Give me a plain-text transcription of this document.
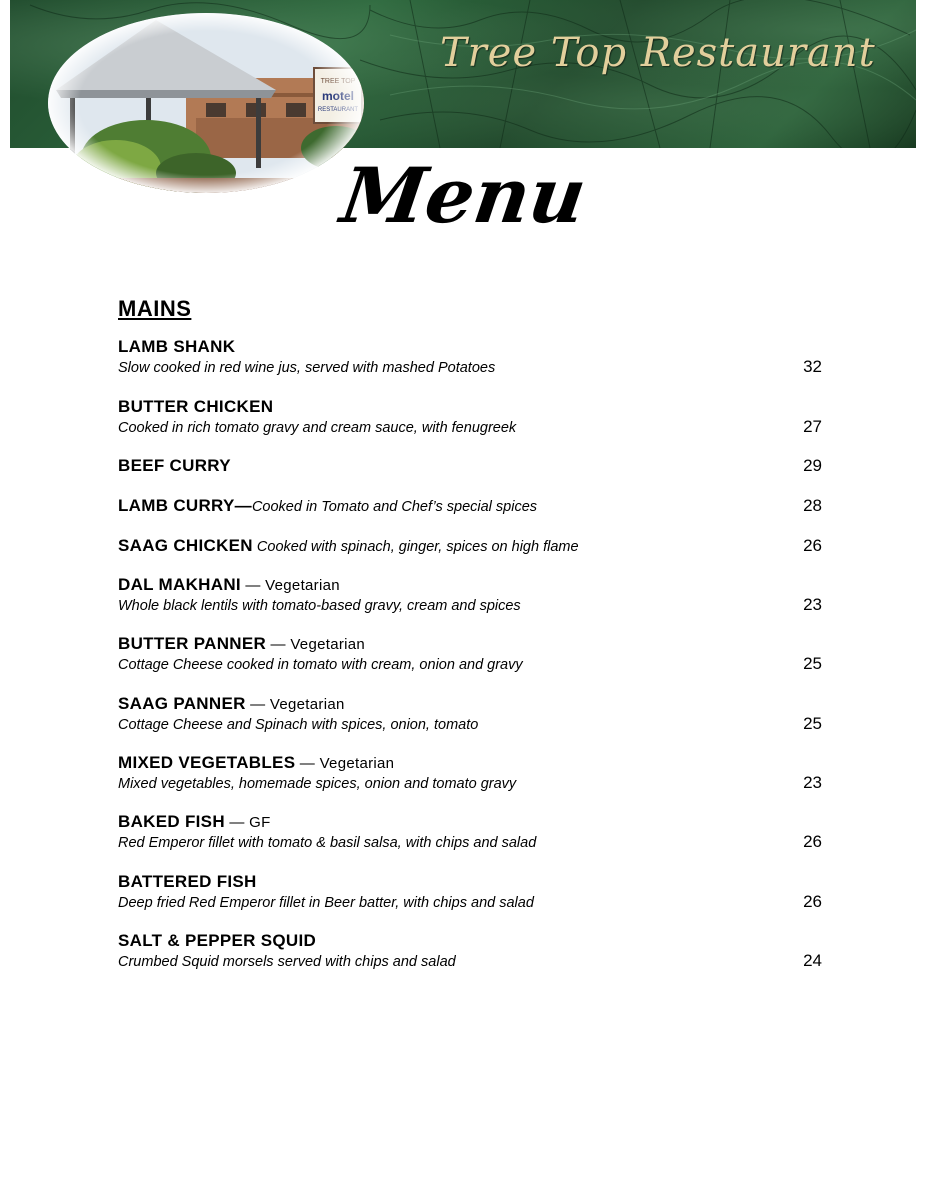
Tree Top Restaurant
Menu
MAINS
LAMB SHANK
Slow cooked in red wine jus, served with mashed Potatoes	32
BUTTER CHICKEN
Cooked in rich tomato gravy and cream sauce, with fenugreek	27
BEEF CURRY	29
LAMB CURRY—Cooked in Tomato and Chef’s special spices	28
SAAG CHICKEN Cooked with spinach, ginger, spices on high flame	26
DAL MAKHANI — Vegetarian
Whole black lentils with tomato-based gravy, cream and spices	23
BUTTER PANNER — Vegetarian
Cottage Cheese cooked in tomato with cream, onion and gravy	25
SAAG PANNER — Vegetarian
Cottage Cheese and Spinach with spices, onion, tomato	25
MIXED VEGETABLES — Vegetarian
Mixed vegetables, homemade spices, onion and tomato gravy	23
BAKED FISH — GF
Red Emperor fillet with tomato & basil salsa, with chips and salad	26
BATTERED FISH
Deep fried Red Emperor fillet in Beer batter, with chips and salad	26
SALT & PEPPER SQUID
Crumbed Squid morsels served with chips and salad	24
